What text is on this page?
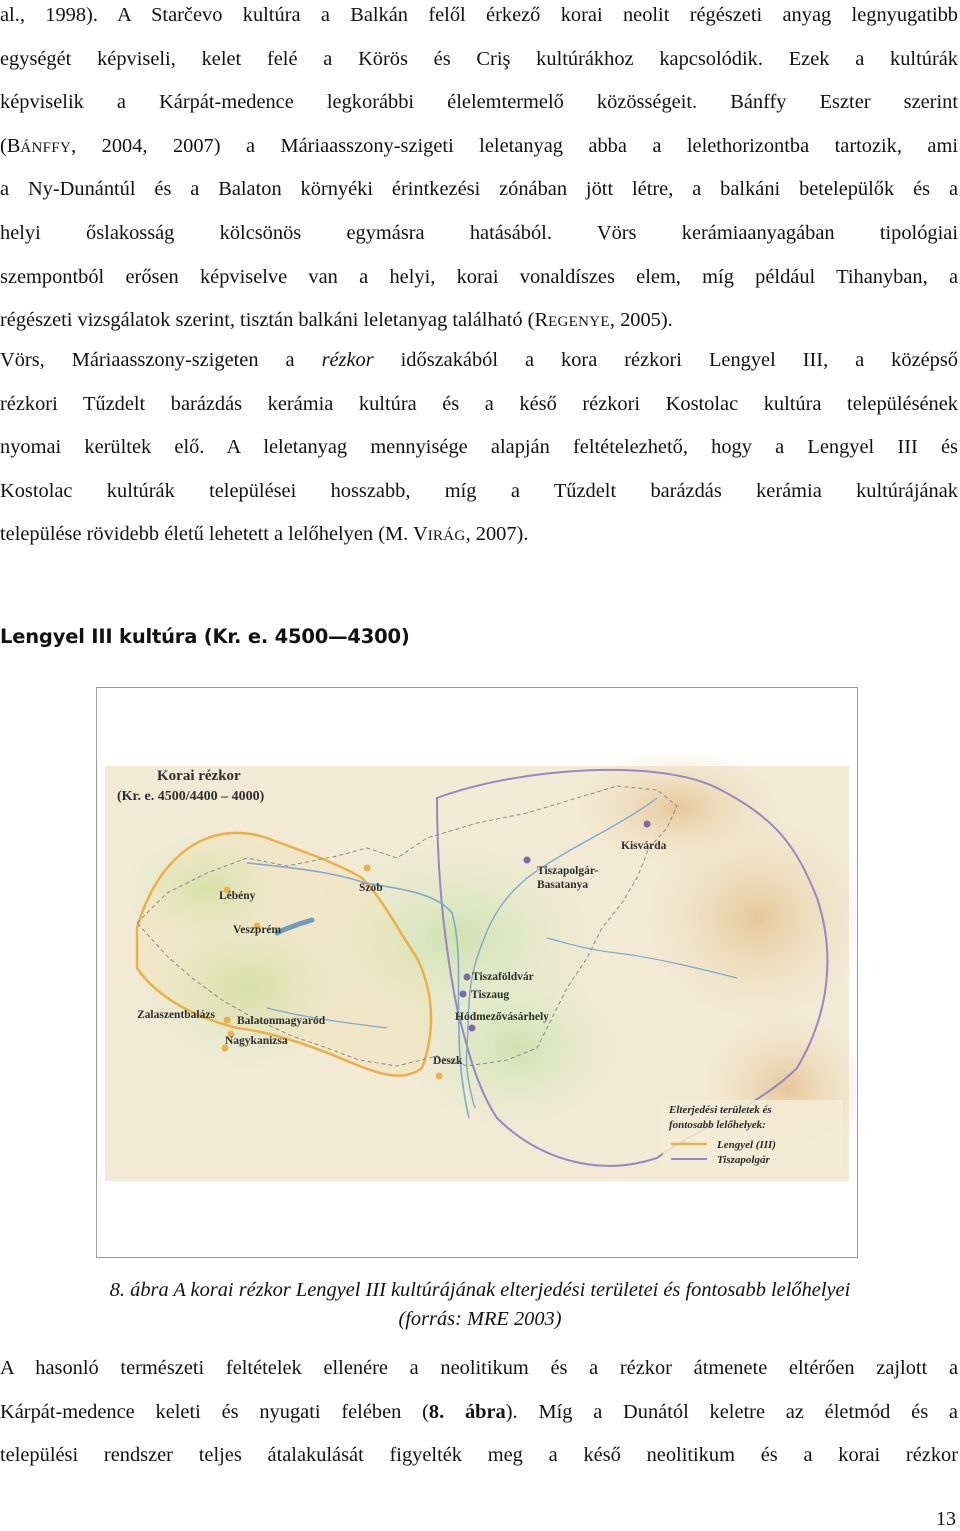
al., 1998). A Starčevo kultúra a Balkán felől érkező korai neolit régészeti anyag legnyugatibb
egységét képviseli, kelet felé a Körös és Criş kultúrákhoz kapcsolódik. Ezek a kultúrák
képviselik a Kárpát-medence legkorábbi élelemtermelő közösségeit. Bánffy Eszter szerint
(BÁNFFY, 2004, 2007) a Máriaasszony-szigeti leletanyag abba a lelethorizontba tartozik, ami
a Ny-Dunántúl és a Balaton környéki érintkezési zónában jött létre, a balkáni betelepülők és a
helyi őslakosság kölcsönös egymásra hatásából. Vörs kerámiaanyagában tipológiai
szempontból erősen képviselve van a helyi, korai vonaldíszes elem, míg például Tihanyban, a
régészeti vizsgálatok szerint, tisztán balkáni leletanyag található (REGENYE, 2005).
Vörs, Máriaasszony-szigeten a rézkor időszakából a kora rézkori Lengyel III, a középső
rézkori Tűzdelt barázdás kerámia kultúra és a késő rézkori Kostolac kultúra településének
nyomai kerültek elő. A leletanyag mennyisége alapján feltételezhető, hogy a Lengyel III és
Kostolac kultúrák települései hosszabb, míg a Tűzdelt barázdás kerámia kultúrájának
települése rövidebb életű lehetett a lelőhelyen (M. VIRÁG, 2007).
Lengyel III kultúra (Kr. e. 4500—4300)
Korai rézkor
(Kr. e. 4500/4400 – 4000)
Kisvárda
Szob
Lébény
Tiszapolgár-
Basatanya
Veszprém
Tiszaföldvár
Tiszaug
Zalaszentbalázs Balatonmagyaród
Nagykanizsa
Hódmezővásárhely
Deszk
Elterjedési területek és
fontosabb lelőhelyek:
Lengyel (III)
Tiszapolgár
8. ábra A korai rézkor Lengyel III kultúrájának elterjedési területei és fontosabb lelőhelyei
(forrás: MRE 2003)
A hasonló természeti feltételek ellenére a neolitikum és a rézkor átmenete eltérően zajlott a
Kárpát-medence keleti és nyugati felében (8. ábra). Míg a Dunától keletre az életmód és a
települési rendszer teljes átalakulását figyelték meg a késő neolitikum és a korai rézkor
13
